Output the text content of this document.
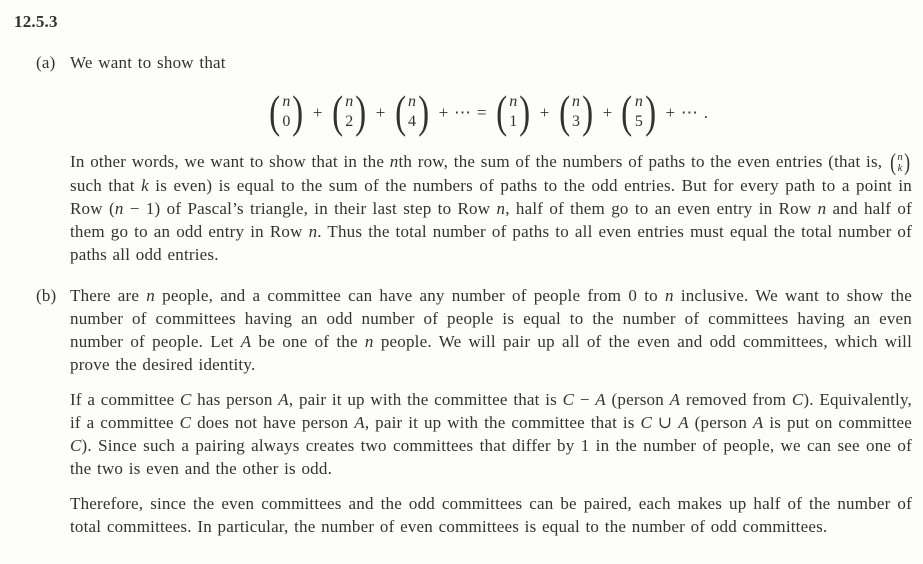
12.5.3
(a) We want to show that

( n
0 ) + ( n
2 ) + ( n
4 ) + ⋯ = ( n
1 ) + ( n
3 ) + ( n
5 ) + ⋯ .

In other words, we want to show that in the nth row, the sum of the numbers of paths to the even entries (that is, ( n
k )
such that k is even) is equal to the sum of the numbers of paths to the odd entries. But for every path to a point in Row (n − 1) of Pascal’s triangle, in their last step to Row n, half of them go to an even entry in Row n and half of them go to an odd entry in Row n. Thus the total number of paths to all even entries must equal the total number of paths all odd entries.

(b) There are n people, and a committee can have any number of people from 0 to n inclusive. We want to show the number of committees having an odd number of people is equal to the number of committees having an even number of people. Let A be one of the n people. We will pair up all of the even and odd committees, which will prove the desired identity.

If a committee C has person A, pair it up with the committee that is C − A (person A removed from C). Equivalently, if a committee C does not have person A, pair it up with the committee that is C ∪ A (person A is put on committee C). Since such a pairing always creates two committees that differ by 1 in the number of people, we can see one of the two is even and the other is odd.

Therefore, since the even committees and the odd committees can be paired, each makes up half of the number of total committees. In particular, the number of even committees is equal to the number of odd committees.
